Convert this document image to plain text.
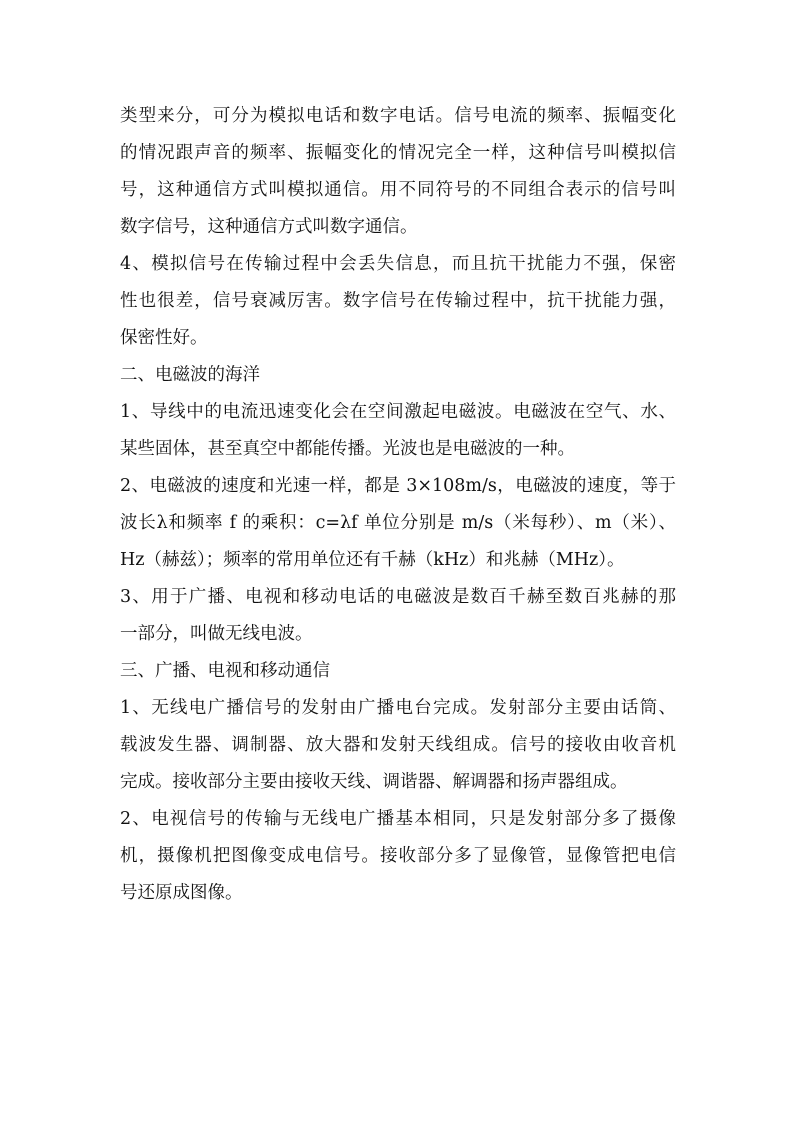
类型来分，可分为模拟电话和数字电话。信号电流的频率、振幅变化
的情况跟声音的频率、振幅变化的情况完全一样，这种信号叫模拟信
号，这种通信方式叫模拟通信。用不同符号的不同组合表示的信号叫
数字信号，这种通信方式叫数字通信。
4、模拟信号在传输过程中会丢失信息，而且抗干扰能力不强，保密
性也很差，信号衰减厉害。数字信号在传输过程中，抗干扰能力强，
保密性好。
二、电磁波的海洋
1、导线中的电流迅速变化会在空间激起电磁波。电磁波在空气、水、
某些固体，甚至真空中都能传播。光波也是电磁波的一种。
2、电磁波的速度和光速一样，都是 3×108m/s，电磁波的速度，等于
波长λ和频率 f 的乘积：c=λf 单位分别是 m/s（米每秒）、m（米）、
Hz（赫兹）；频率的常用单位还有千赫（kHz）和兆赫（MHz）。
3、用于广播、电视和移动电话的电磁波是数百千赫至数百兆赫的那
一部分，叫做无线电波。
三、广播、电视和移动通信
1、无线电广播信号的发射由广播电台完成。发射部分主要由话筒、
载波发生器、调制器、放大器和发射天线组成。信号的接收由收音机
完成。接收部分主要由接收天线、调谐器、解调器和扬声器组成。
2、电视信号的传输与无线电广播基本相同，只是发射部分多了摄像
机，摄像机把图像变成电信号。接收部分多了显像管，显像管把电信
号还原成图像。
